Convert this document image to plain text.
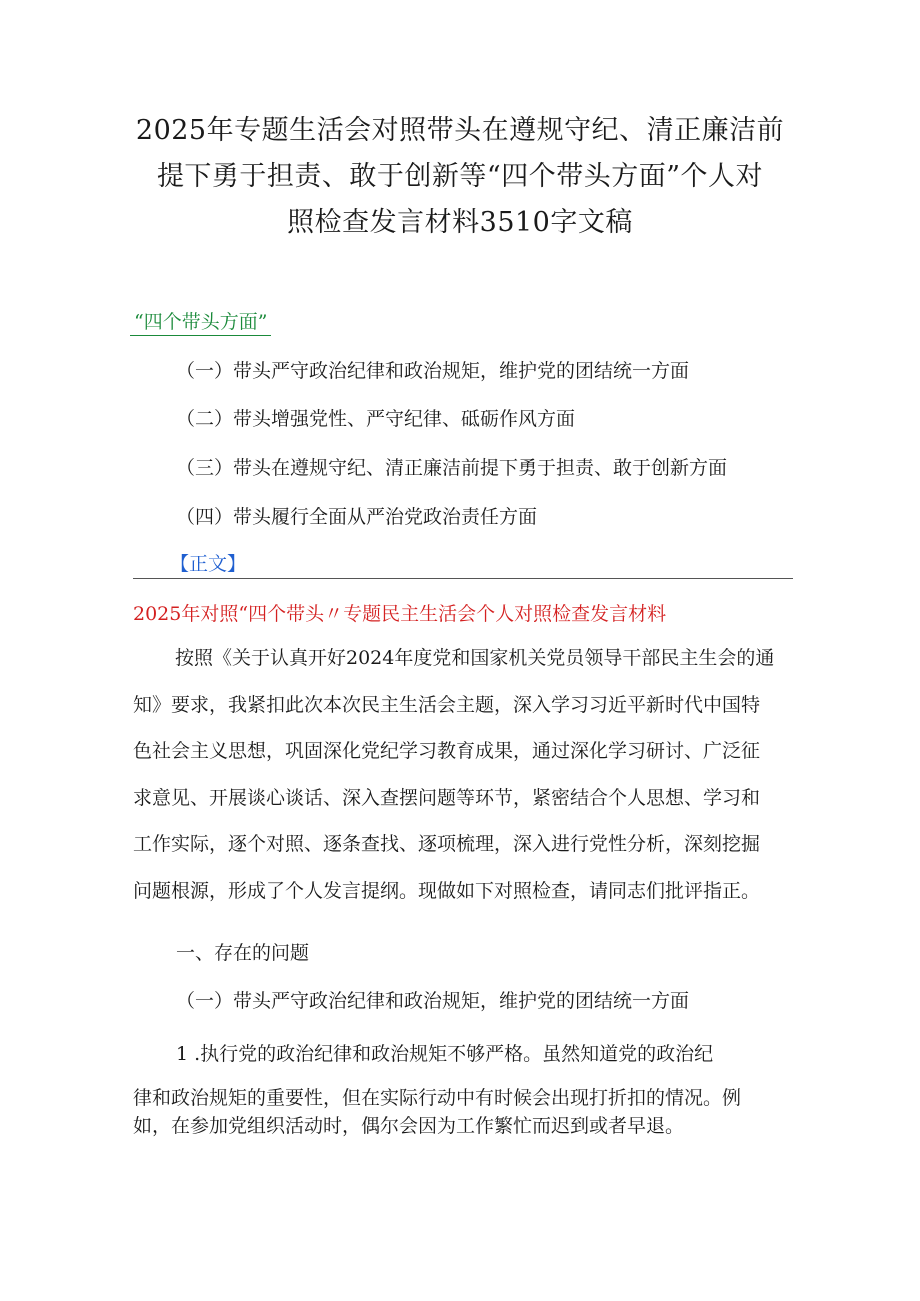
2025年专题生活会对照带头在遵规守纪、清正廉洁前
提下勇于担责、敢于创新等“四个带头方面”个人对
照检查发言材料3510字文稿
“四个带头方面”
（一）带头严守政治纪律和政治规矩，维护党的团结统一方面
（二）带头增强党性、严守纪律、砥砺作风方面
（三）带头在遵规守纪、清正廉洁前提下勇于担责、敢于创新方面
（四）带头履行全面从严治党政治责任方面
【正文】
2025年对照“四个带头〃专题民主生活会个人对照检查发言材料
按照《关于认真开好2024年度党和国家机关党员领导干部民主生会的通
知》要求，我紧扣此次本次民主生活会主题，深入学习习近平新时代中国特
色社会主义思想，巩固深化党纪学习教育成果，通过深化学习研讨、广泛征
求意见、开展谈心谈话、深入查摆问题等环节，紧密结合个人思想、学习和
工作实际，逐个对照、逐条查找、逐项梳理，深入进行党性分析，深刻挖掘
问题根源，形成了个人发言提纲。现做如下对照检查，请同志们批评指正。
一、存在的问题
（一）带头严守政治纪律和政治规矩，维护党的团结统一方面
1 .执行党的政治纪律和政治规矩不够严格。虽然知道党的政治纪
律和政治规矩的重要性，但在实际行动中有时候会出现打折扣的情况。例
如，在参加党组织活动时，偶尔会因为工作繁忙而迟到或者早退。
